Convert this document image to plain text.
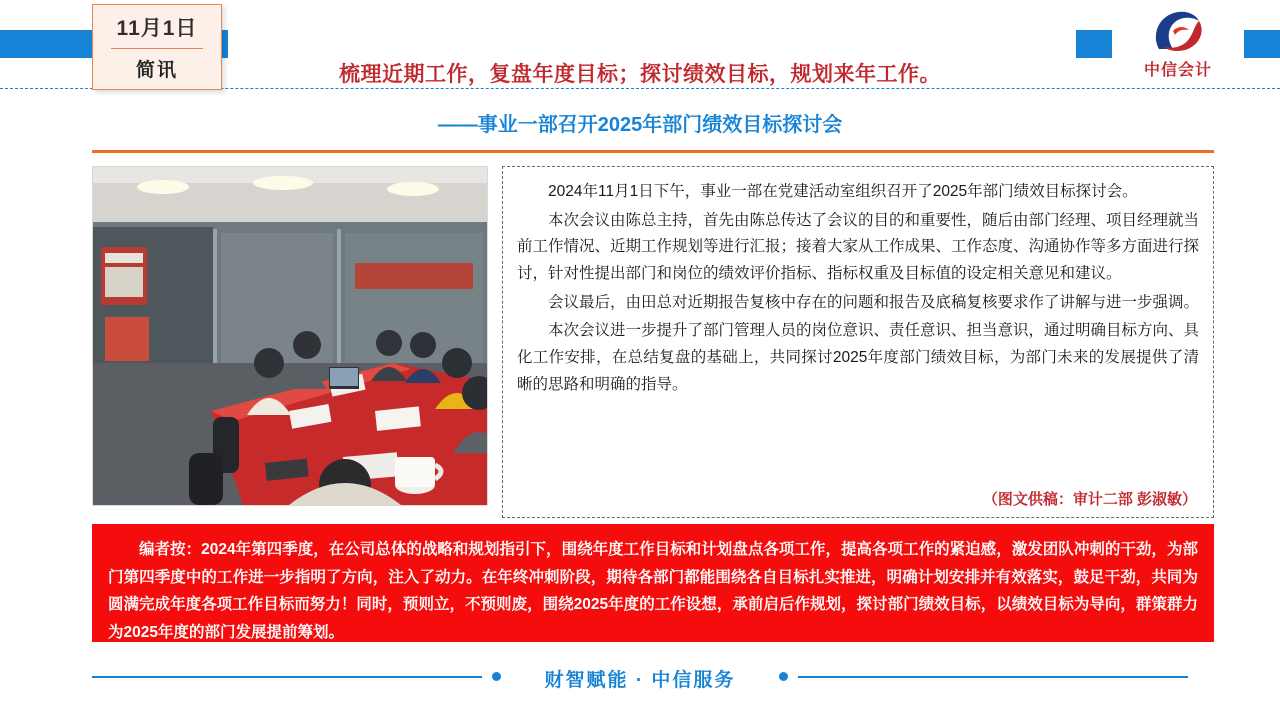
11月1日
简讯	中信会计
梳理近期工作，复盘年度目标；探讨绩效目标，规划来年工作。
——事业一部召开2025年部门绩效目标探讨会

2024年11月1日下午，事业一部在党建活动室组织召开了2025年部门绩效目标探讨会。

本次会议由陈总主持，首先由陈总传达了会议的目的和重要性，随后由部门经理、项目经理就当前工作情况、近期工作规划等进行汇报；接着大家从工作成果、工作态度、沟通协作等多方面进行探讨，针对性提出部门和岗位的绩效评价指标、指标权重及目标值的设定相关意见和建议。

会议最后，由田总对近期报告复核中存在的问题和报告及底稿复核要求作了讲解与进一步强调。

本次会议进一步提升了部门管理人员的岗位意识、责任意识、担当意识，通过明确目标方向、具化工作安排，在总结复盘的基础上，共同探讨2025年度部门绩效目标，为部门未来的发展提供了清晰的思路和明确的指导。

（图文供稿：审计二部 彭淑敏）
编者按：2024年第四季度，在公司总体的战略和规划指引下，围绕年度工作目标和计划盘点各项工作，提高各项工作的紧迫感，激发团队冲刺的干劲，为部门第四季度中的工作进一步指明了方向，注入了动力。在年终冲刺阶段，期待各部门都能围绕各自目标扎实推进，明确计划安排并有效落实，鼓足干劲，共同为圆满完成年度各项工作目标而努力！同时，预则立，不预则废，围绕2025年度的工作设想，承前启后作规划，探讨部门绩效目标，以绩效目标为导向，群策群力为2025年度的部门发展提前筹划。
财智赋能 · 中信服务
